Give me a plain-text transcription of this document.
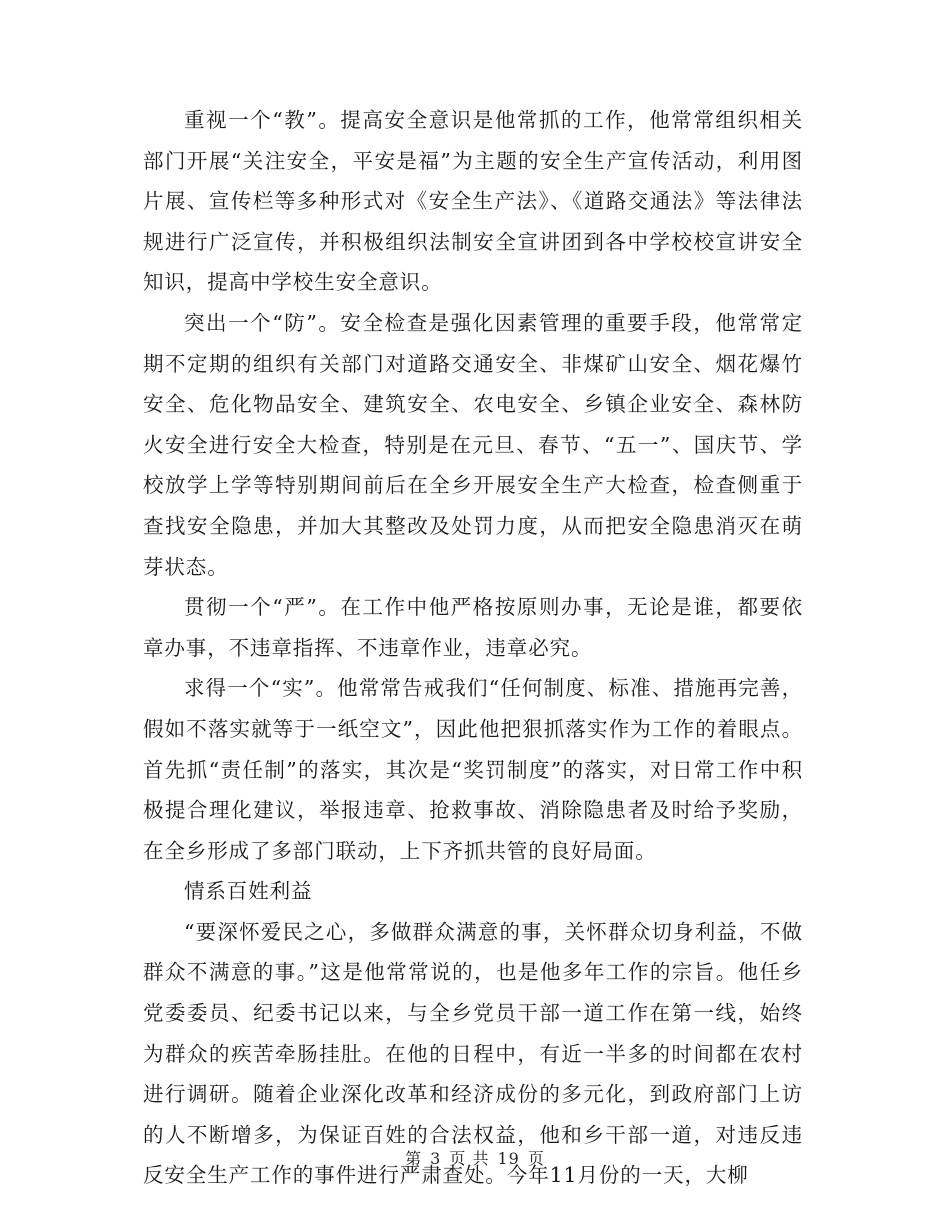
重视一个“教”。提高安全意识是他常抓的工作，他常常组织相关部门开展“关注安全，平安是福”为主题的安全生产宣传活动，利用图片展、宣传栏等多种形式对《安全生产法》、《道路交通法》等法律法规进行广泛宣传，并积极组织法制安全宣讲团到各中学校校宣讲安全知识，提高中学校生安全意识。

突出一个“防”。安全检查是强化因素管理的重要手段，他常常定期不定期的组织有关部门对道路交通安全、非煤矿山安全、烟花爆竹安全、危化物品安全、建筑安全、农电安全、乡镇企业安全、森林防火安全进行安全大检查，特别是在元旦、春节、“五一”、国庆节、学校放学上学等特别期间前后在全乡开展安全生产大检查，检查侧重于查找安全隐患，并加大其整改及处罚力度，从而把安全隐患消灭在萌芽状态。

贯彻一个“严”。在工作中他严格按原则办事，无论是谁，都要依章办事，不违章指挥、不违章作业，违章必究。

求得一个“实”。他常常告戒我们“任何制度、标准、措施再完善，假如不落实就等于一纸空文”，因此他把狠抓落实作为工作的着眼点。首先抓“责任制”的落实，其次是“奖罚制度”的落实，对日常工作中积极提合理化建议，举报违章、抢救事故、消除隐患者及时给予奖励，在全乡形成了多部门联动，上下齐抓共管的良好局面。

情系百姓利益

“要深怀爱民之心，多做群众满意的事，关怀群众切身利益，不做群众不满意的事。”这是他常常说的，也是他多年工作的宗旨。他任乡党委委员、纪委书记以来，与全乡党员干部一道工作在第一线，始终为群众的疾苦牵肠挂肚。在他的日程中，有近一半多的时间都在农村进行调研。随着企业深化改革和经济成份的多元化，到政府部门上访的人不断增多，为保证百姓的合法权益，他和乡干部一道，对违反违反安全生产工作的事件进行严肃查处。今年11月份的一天，大柳

第 3 页 共 19 页
